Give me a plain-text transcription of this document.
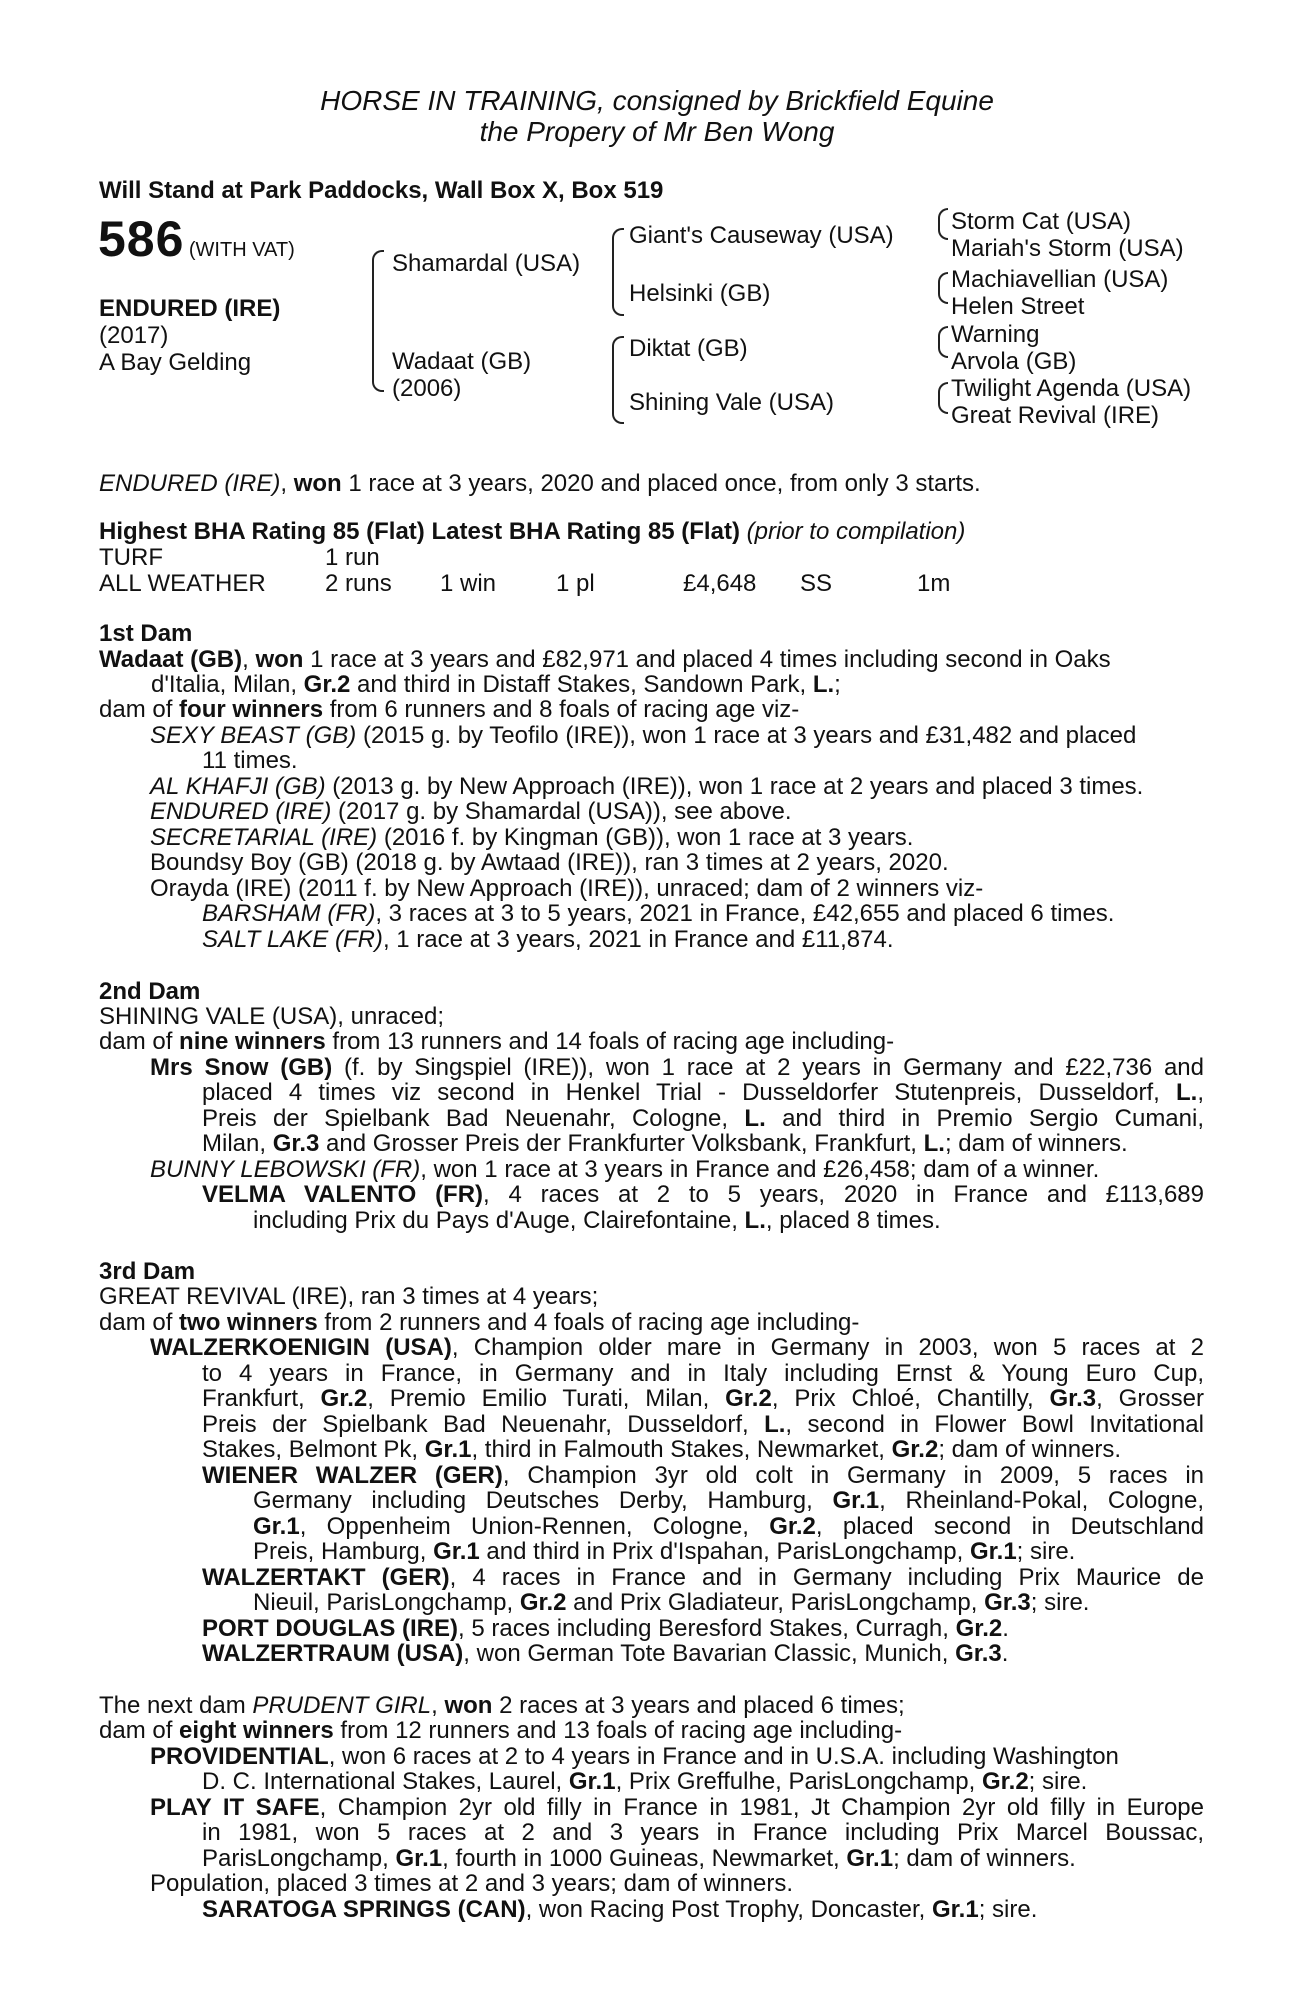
HORSE IN TRAINING, consigned by Brickfield Equine
the Propery of Mr Ben Wong
Will Stand at Park Paddocks, Wall Box X, Box 519
586 (WITH VAT)
ENDURED (IRE)
(2017)
A Bay Gelding
Shamardal (USA)
Wadaat (GB)
(2006)
Giant's Causeway (USA)
Helsinki (GB)
Diktat (GB)
Shining Vale (USA)
Storm Cat (USA)
Mariah's Storm (USA)
Machiavellian (USA)
Helen Street
Warning
Arvola (GB)
Twilight Agenda (USA)
Great Revival (IRE)
ENDURED (IRE), won 1 race at 3 years, 2020 and placed once, from only 3 starts.
Highest BHA Rating 85 (Flat) Latest BHA Rating 85 (Flat) (prior to compilation)
TURF	1 run
ALL WEATHER 2 runs 1 win 1 pl	£4,648 SS	1m
1st Dam
Wadaat (GB), won 1 race at 3 years and £82,971 and placed 4 times including second in Oaks
d'Italia, Milan, Gr.2 and third in Distaff Stakes, Sandown Park, L.;
dam of four winners from 6 runners and 8 foals of racing age viz-
SEXY BEAST (GB) (2015 g. by Teofilo (IRE)), won 1 race at 3 years and £31,482 and placed
11 times.
AL KHAFJI (GB) (2013 g. by New Approach (IRE)), won 1 race at 2 years and placed 3 times.
ENDURED (IRE) (2017 g. by Shamardal (USA)), see above.
SECRETARIAL (IRE) (2016 f. by Kingman (GB)), won 1 race at 3 years.
Boundsy Boy (GB) (2018 g. by Awtaad (IRE)), ran 3 times at 2 years, 2020.
Orayda (IRE) (2011 f. by New Approach (IRE)), unraced; dam of 2 winners viz-
BARSHAM (FR), 3 races at 3 to 5 years, 2021 in France, £42,655 and placed 6 times.
SALT LAKE (FR), 1 race at 3 years, 2021 in France and £11,874.
2nd Dam
SHINING VALE (USA), unraced;
dam of nine winners from 13 runners and 14 foals of racing age including-
Mrs Snow (GB) (f. by Singspiel (IRE)), won 1 race at 2 years in Germany and £22,736 and
placed 4 times viz second in Henkel Trial - Dusseldorfer Stutenpreis, Dusseldorf, L.,
Preis der Spielbank Bad Neuenahr, Cologne, L. and third in Premio Sergio Cumani,
Milan, Gr.3 and Grosser Preis der Frankfurter Volksbank, Frankfurt, L.; dam of winners.
BUNNY LEBOWSKI (FR), won 1 race at 3 years in France and £26,458; dam of a winner.
VELMA VALENTO (FR), 4 races at 2 to 5 years, 2020 in France and £113,689
including Prix du Pays d'Auge, Clairefontaine, L., placed 8 times.
3rd Dam
GREAT REVIVAL (IRE), ran 3 times at 4 years;
dam of two winners from 2 runners and 4 foals of racing age including-
WALZERKOENIGIN (USA), Champion older mare in Germany in 2003, won 5 races at 2
to 4 years in France, in Germany and in Italy including Ernst & Young Euro Cup,
Frankfurt, Gr.2, Premio Emilio Turati, Milan, Gr.2, Prix Chloé, Chantilly, Gr.3, Grosser
Preis der Spielbank Bad Neuenahr, Dusseldorf, L., second in Flower Bowl Invitational
Stakes, Belmont Pk, Gr.1, third in Falmouth Stakes, Newmarket, Gr.2; dam of winners.
WIENER WALZER (GER), Champion 3yr old colt in Germany in 2009, 5 races in
Germany including Deutsches Derby, Hamburg, Gr.1, Rheinland-Pokal, Cologne,
Gr.1, Oppenheim Union-Rennen, Cologne, Gr.2, placed second in Deutschland
Preis, Hamburg, Gr.1 and third in Prix d'Ispahan, ParisLongchamp, Gr.1; sire.
WALZERTAKT (GER), 4 races in France and in Germany including Prix Maurice de
Nieuil, ParisLongchamp, Gr.2 and Prix Gladiateur, ParisLongchamp, Gr.3; sire.
PORT DOUGLAS (IRE), 5 races including Beresford Stakes, Curragh, Gr.2.
WALZERTRAUM (USA), won German Tote Bavarian Classic, Munich, Gr.3.
The next dam PRUDENT GIRL, won 2 races at 3 years and placed 6 times;
dam of eight winners from 12 runners and 13 foals of racing age including-
PROVIDENTIAL, won 6 races at 2 to 4 years in France and in U.S.A. including Washington
D. C. International Stakes, Laurel, Gr.1, Prix Greffulhe, ParisLongchamp, Gr.2; sire.
PLAY IT SAFE, Champion 2yr old filly in France in 1981, Jt Champion 2yr old filly in Europe
in 1981, won 5 races at 2 and 3 years in France including Prix Marcel Boussac,
ParisLongchamp, Gr.1, fourth in 1000 Guineas, Newmarket, Gr.1; dam of winners.
Population, placed 3 times at 2 and 3 years; dam of winners.
SARATOGA SPRINGS (CAN), won Racing Post Trophy, Doncaster, Gr.1; sire.
